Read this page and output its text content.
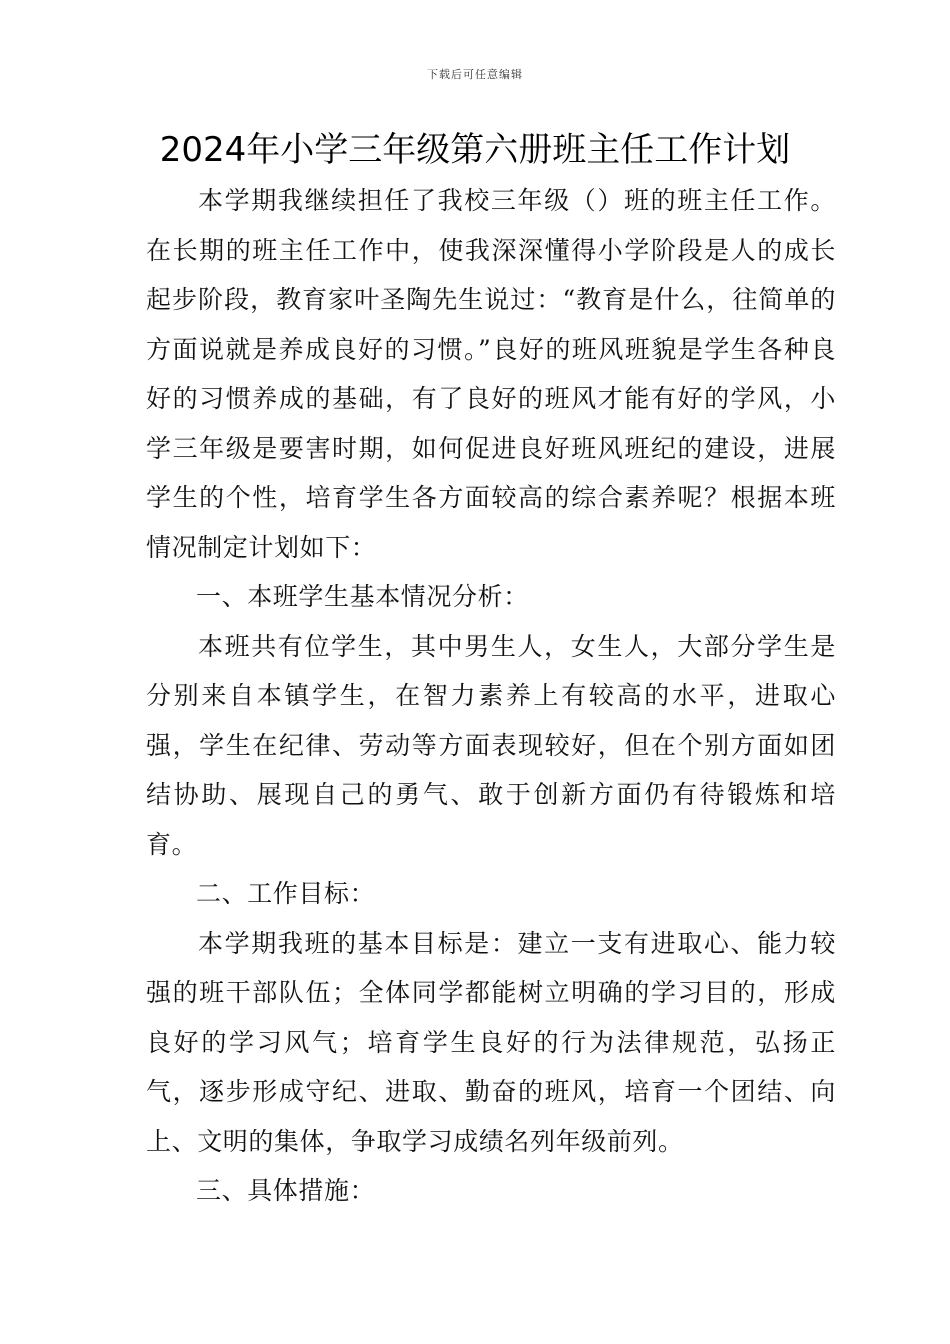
下载后可任意编辑
2024年小学三年级第六册班主任工作计划

本学期我继续担任了我校三年级（）班的班主任工作。在长期的班主任工作中，使我深深懂得小学阶段是人的成长起步阶段，教育家叶圣陶先生说过：“教育是什么，往简单的方面说就是养成良好的习惯。”良好的班风班貌是学生各种良好的习惯养成的基础，有了良好的班风才能有好的学风，小学三年级是要害时期，如何促进良好班风班纪的建设，进展学生的个性，培育学生各方面较高的综合素养呢？根据本班情况制定计划如下：

一、本班学生基本情况分析：

本班共有位学生，其中男生人，女生人，大部分学生是分别来自本镇学生，在智力素养上有较高的水平，进取心强，学生在纪律、劳动等方面表现较好，但在个别方面如团结协助、展现自己的勇气、敢于创新方面仍有待锻炼和培育。

二、工作目标：

本学期我班的基本目标是：建立一支有进取心、能力较强的班干部队伍；全体同学都能树立明确的学习目的，形成良好的学习风气；培育学生良好的行为法律规范，弘扬正气，逐步形成守纪、进取、勤奋的班风，培育一个团结、向上、文明的集体，争取学习成绩名列年级前列。

三、具体措施：
